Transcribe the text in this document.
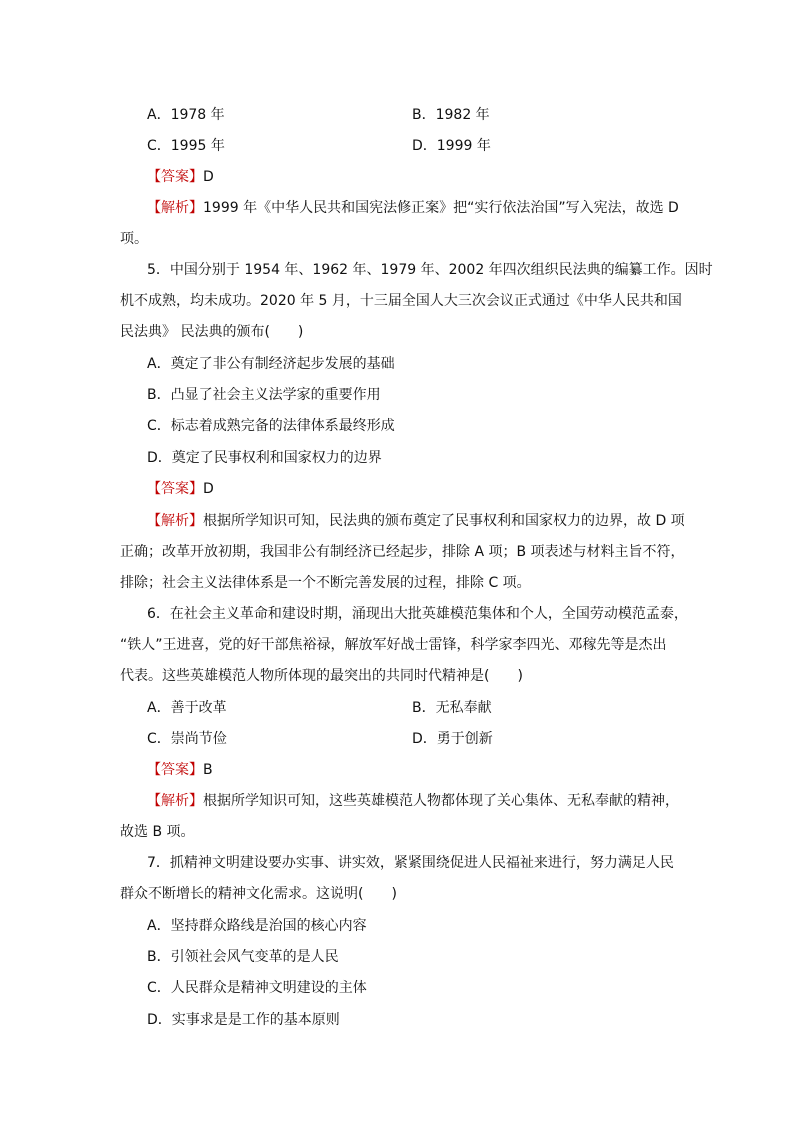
A．1978 年	B．1982 年
C．1995 年	D．1999 年
【答案】D
【解析】1999 年《中华人民共和国宪法修正案》把“实行依法治国”写入宪法，故选 D
项。
5．中国分别于 1954 年、1962 年、1979 年、2002 年四次组织民法典的编纂工作。因时
机不成熟，均未成功。2020 年 5 月，十三届全国人大三次会议正式通过《中华人民共和国
民法典》 民法典的颁布(　　)
A．奠定了非公有制经济起步发展的基础
B．凸显了社会主义法学家的重要作用
C．标志着成熟完备的法律体系最终形成
D．奠定了民事权利和国家权力的边界
【答案】D
【解析】根据所学知识可知，民法典的颁布奠定了民事权利和国家权力的边界，故 D 项
正确；改革开放初期，我国非公有制经济已经起步，排除 A 项；B 项表述与材料主旨不符，
排除；社会主义法律体系是一个不断完善发展的过程，排除 C 项。
6．在社会主义革命和建设时期，涌现出大批英雄模范集体和个人，全国劳动模范孟泰，
“铁人”王进喜，党的好干部焦裕禄，解放军好战士雷锋，科学家李四光、邓稼先等是杰出
代表。这些英雄模范人物所体现的最突出的共同时代精神是(　　)
A．善于改革	B．无私奉献
C．崇尚节俭	D．勇于创新
【答案】B
【解析】根据所学知识可知，这些英雄模范人物都体现了关心集体、无私奉献的精神，
故选 B 项。
7．抓精神文明建设要办实事、讲实效，紧紧围绕促进人民福祉来进行，努力满足人民
群众不断增长的精神文化需求。这说明(　　)
A．坚持群众路线是治国的核心内容
B．引领社会风气变革的是人民
C．人民群众是精神文明建设的主体
D．实事求是是工作的基本原则
